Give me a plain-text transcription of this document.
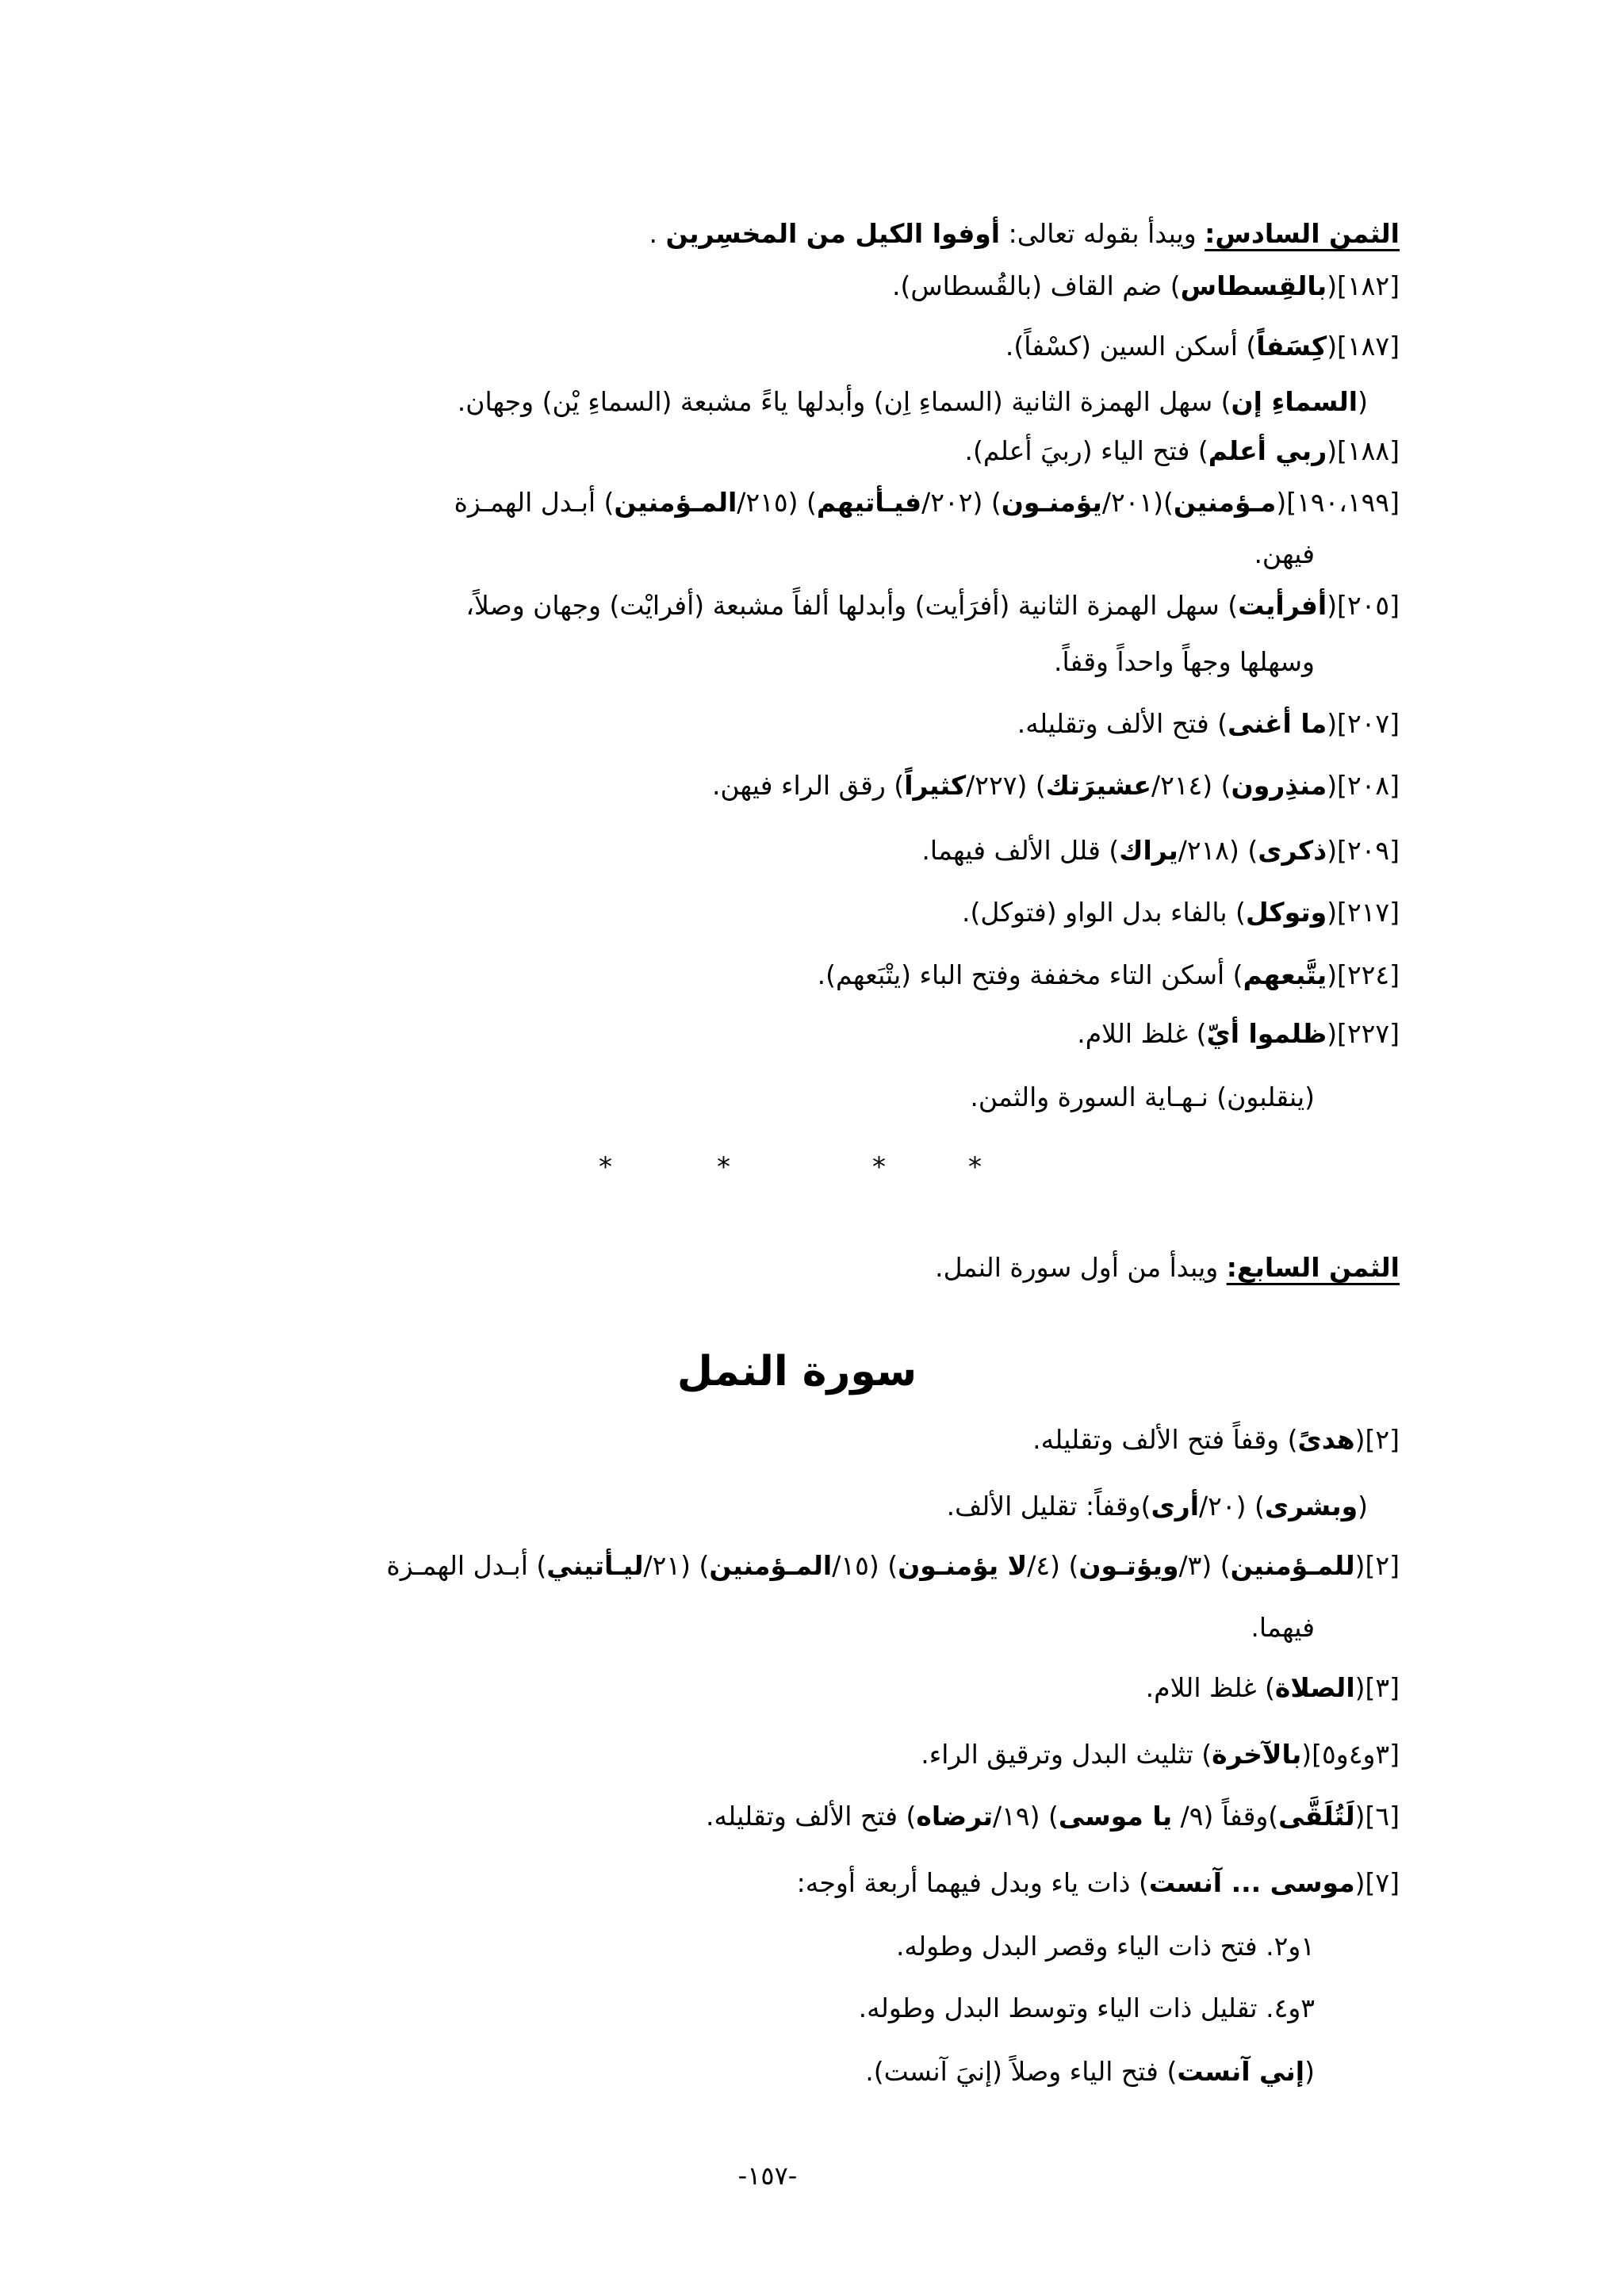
الثمن السادس: ويبدأ بقوله تعالى: أوفوا الكيل من المخسِرين .
[١٨٢](بالقِسطاس) ضم القاف (بالقُسطاس).
[١٨٧](كِسَفاً) أسكن السين (كسْفاً).
(السماءِ إن) سهل الهمزة الثانية (السماءِ اِن) وأبدلها ياءً مشبعة (السماءِ يْن) وجهان.
[١٨٨](ربي أعلم) فتح الياء (ربيَ أعلم).
[١٩٠،١٩٩](مـؤمنين)(٢٠١/يؤمنـون) (٢٠٢/فيـأتيهم) (٢١٥/المـؤمنين) أبـدل الهمـزة
فيهن.
[٢٠٥](أفرأيت) سهل الهمزة الثانية (أفرَأيت) وأبدلها ألفاً مشبعة (أفرايْت) وجهان وصلاً،
وسهلها وجهاً واحداً وقفاً.
[٢٠٧](ما أغنى) فتح الألف وتقليله.
[٢٠٨](منذِرون) (٢١٤/عشيرَتك) (٢٢٧/كثيراً) رقق الراء فيهن.
[٢٠٩](ذكرى) (٢١٨/يراك) قلل الألف فيهما.
[٢١٧](وتوكل) بالفاء بدل الواو (فتوكل).
[٢٢٤](يتَّبعهم) أسكن التاء مخففة وفتح الباء (يتْبَعهم).
[٢٢٧](ظلموا أيّ) غلظ اللام.
(ينقلبون) نـهـاية السورة والثمن.
*	*	*	*
الثمن السابع: ويبدأ من أول سورة النمل.
سورة النمل
[٢](هدىً) وقفاً فتح الألف وتقليله.
(وبشرى) (٢٠/أرى)وقفاً: تقليل الألف.
[٢](للمـؤمنين) (٣/ويؤتـون) (٤/لا يؤمنـون) (١٥/المـؤمنين) (٢١/ليـأتيني) أبـدل الهمـزة
فيهما.
[٣](الصلاة) غلظ اللام.
[٣و٤و٥](بالآخرة) تثليث البدل وترقيق الراء.
[٦](لَتُلَقَّى)وقفاً (٩/ يا موسى) (١٩/ترضاه) فتح الألف وتقليله.
[٧](موسى ... آنست) ذات ياء وبدل فيهما أربعة أوجه:
١و٢. فتح ذات الياء وقصر البدل وطوله.
٣و٤. تقليل ذات الياء وتوسط البدل وطوله.
(إني آنست) فتح الياء وصلاً (إنيَ آنست).
-١٥٧-
